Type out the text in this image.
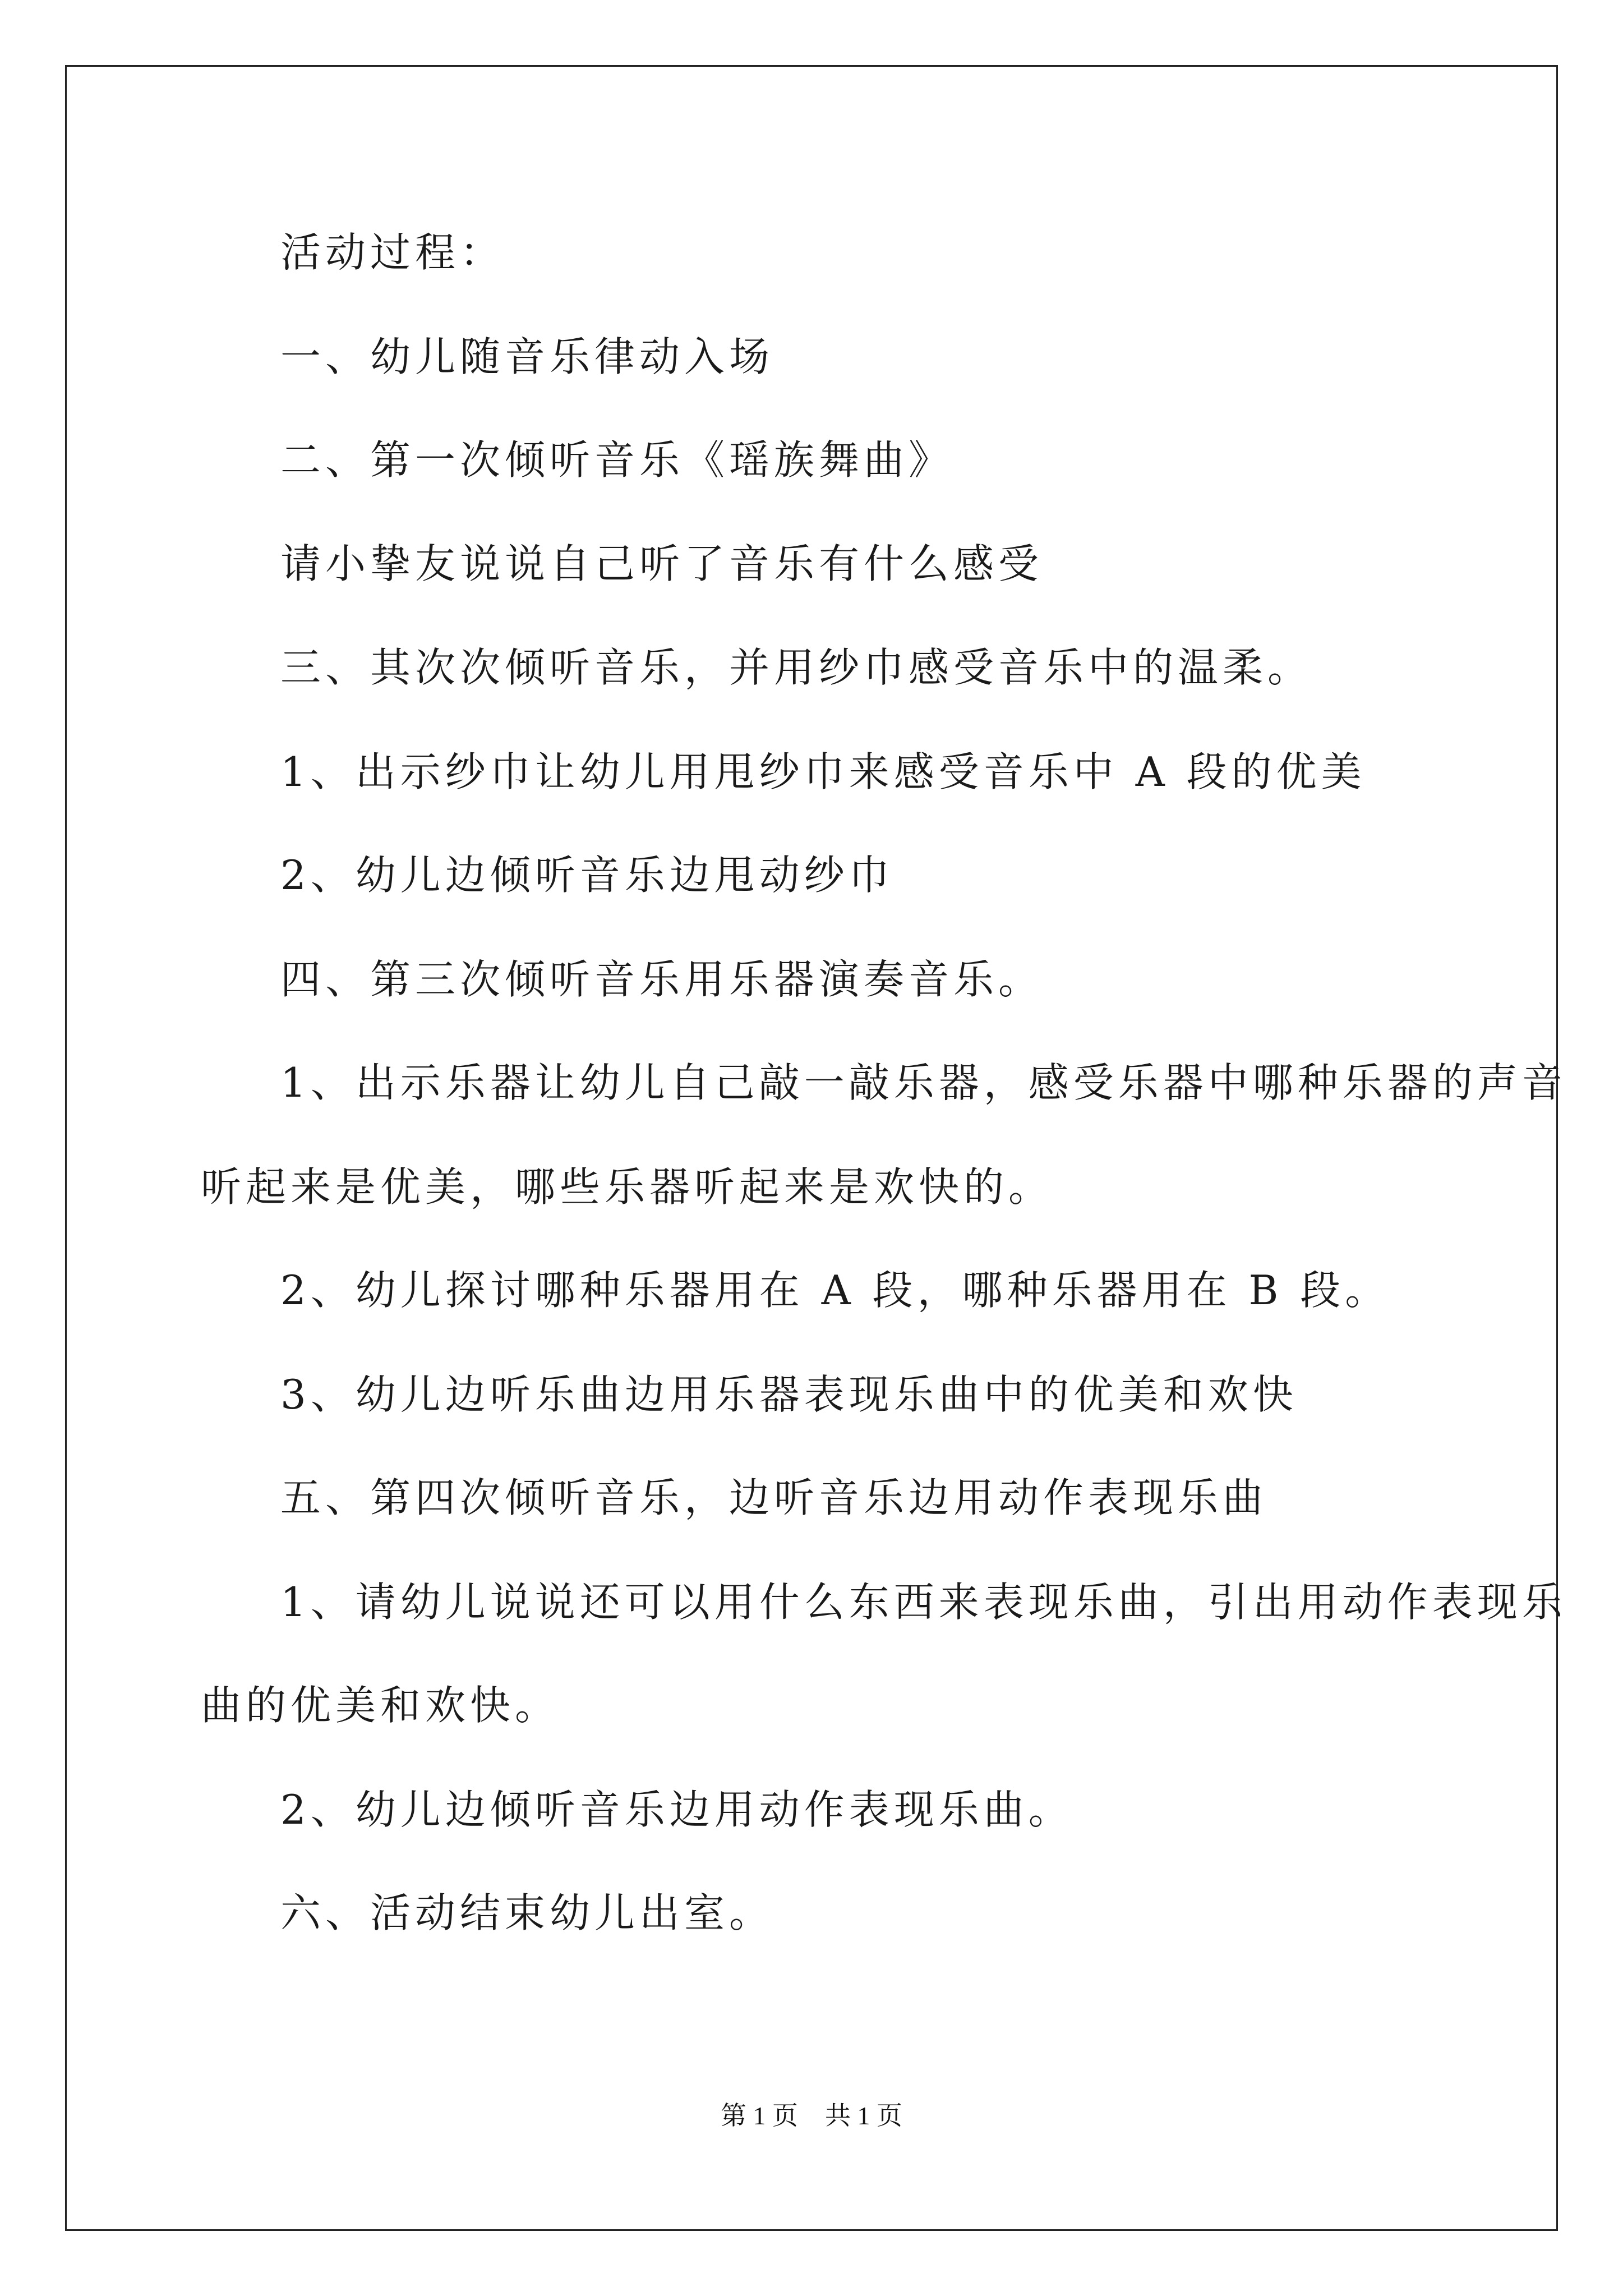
活动过程：

一、幼儿随音乐律动入场

二、第一次倾听音乐《瑶族舞曲》

请小挚友说说自己听了音乐有什么感受

三、其次次倾听音乐，并用纱巾感受音乐中的温柔。

1、出示纱巾让幼儿用甩纱巾来感受音乐中 A 段的优美

2、幼儿边倾听音乐边甩动纱巾

四、第三次倾听音乐用乐器演奏音乐。

1、出示乐器让幼儿自己敲一敲乐器，感受乐器中哪种乐器的声音

听起来是优美，哪些乐器听起来是欢快的。

2、幼儿探讨哪种乐器用在 A 段，哪种乐器用在 B 段。

3、幼儿边听乐曲边用乐器表现乐曲中的优美和欢快

五、第四次倾听音乐，边听音乐边用动作表现乐曲

1、请幼儿说说还可以用什么东西来表现乐曲，引出用动作表现乐

曲的优美和欢快。

2、幼儿边倾听音乐边用动作表现乐曲。

六、活动结束幼儿出室。

第 1 页 共 1 页
